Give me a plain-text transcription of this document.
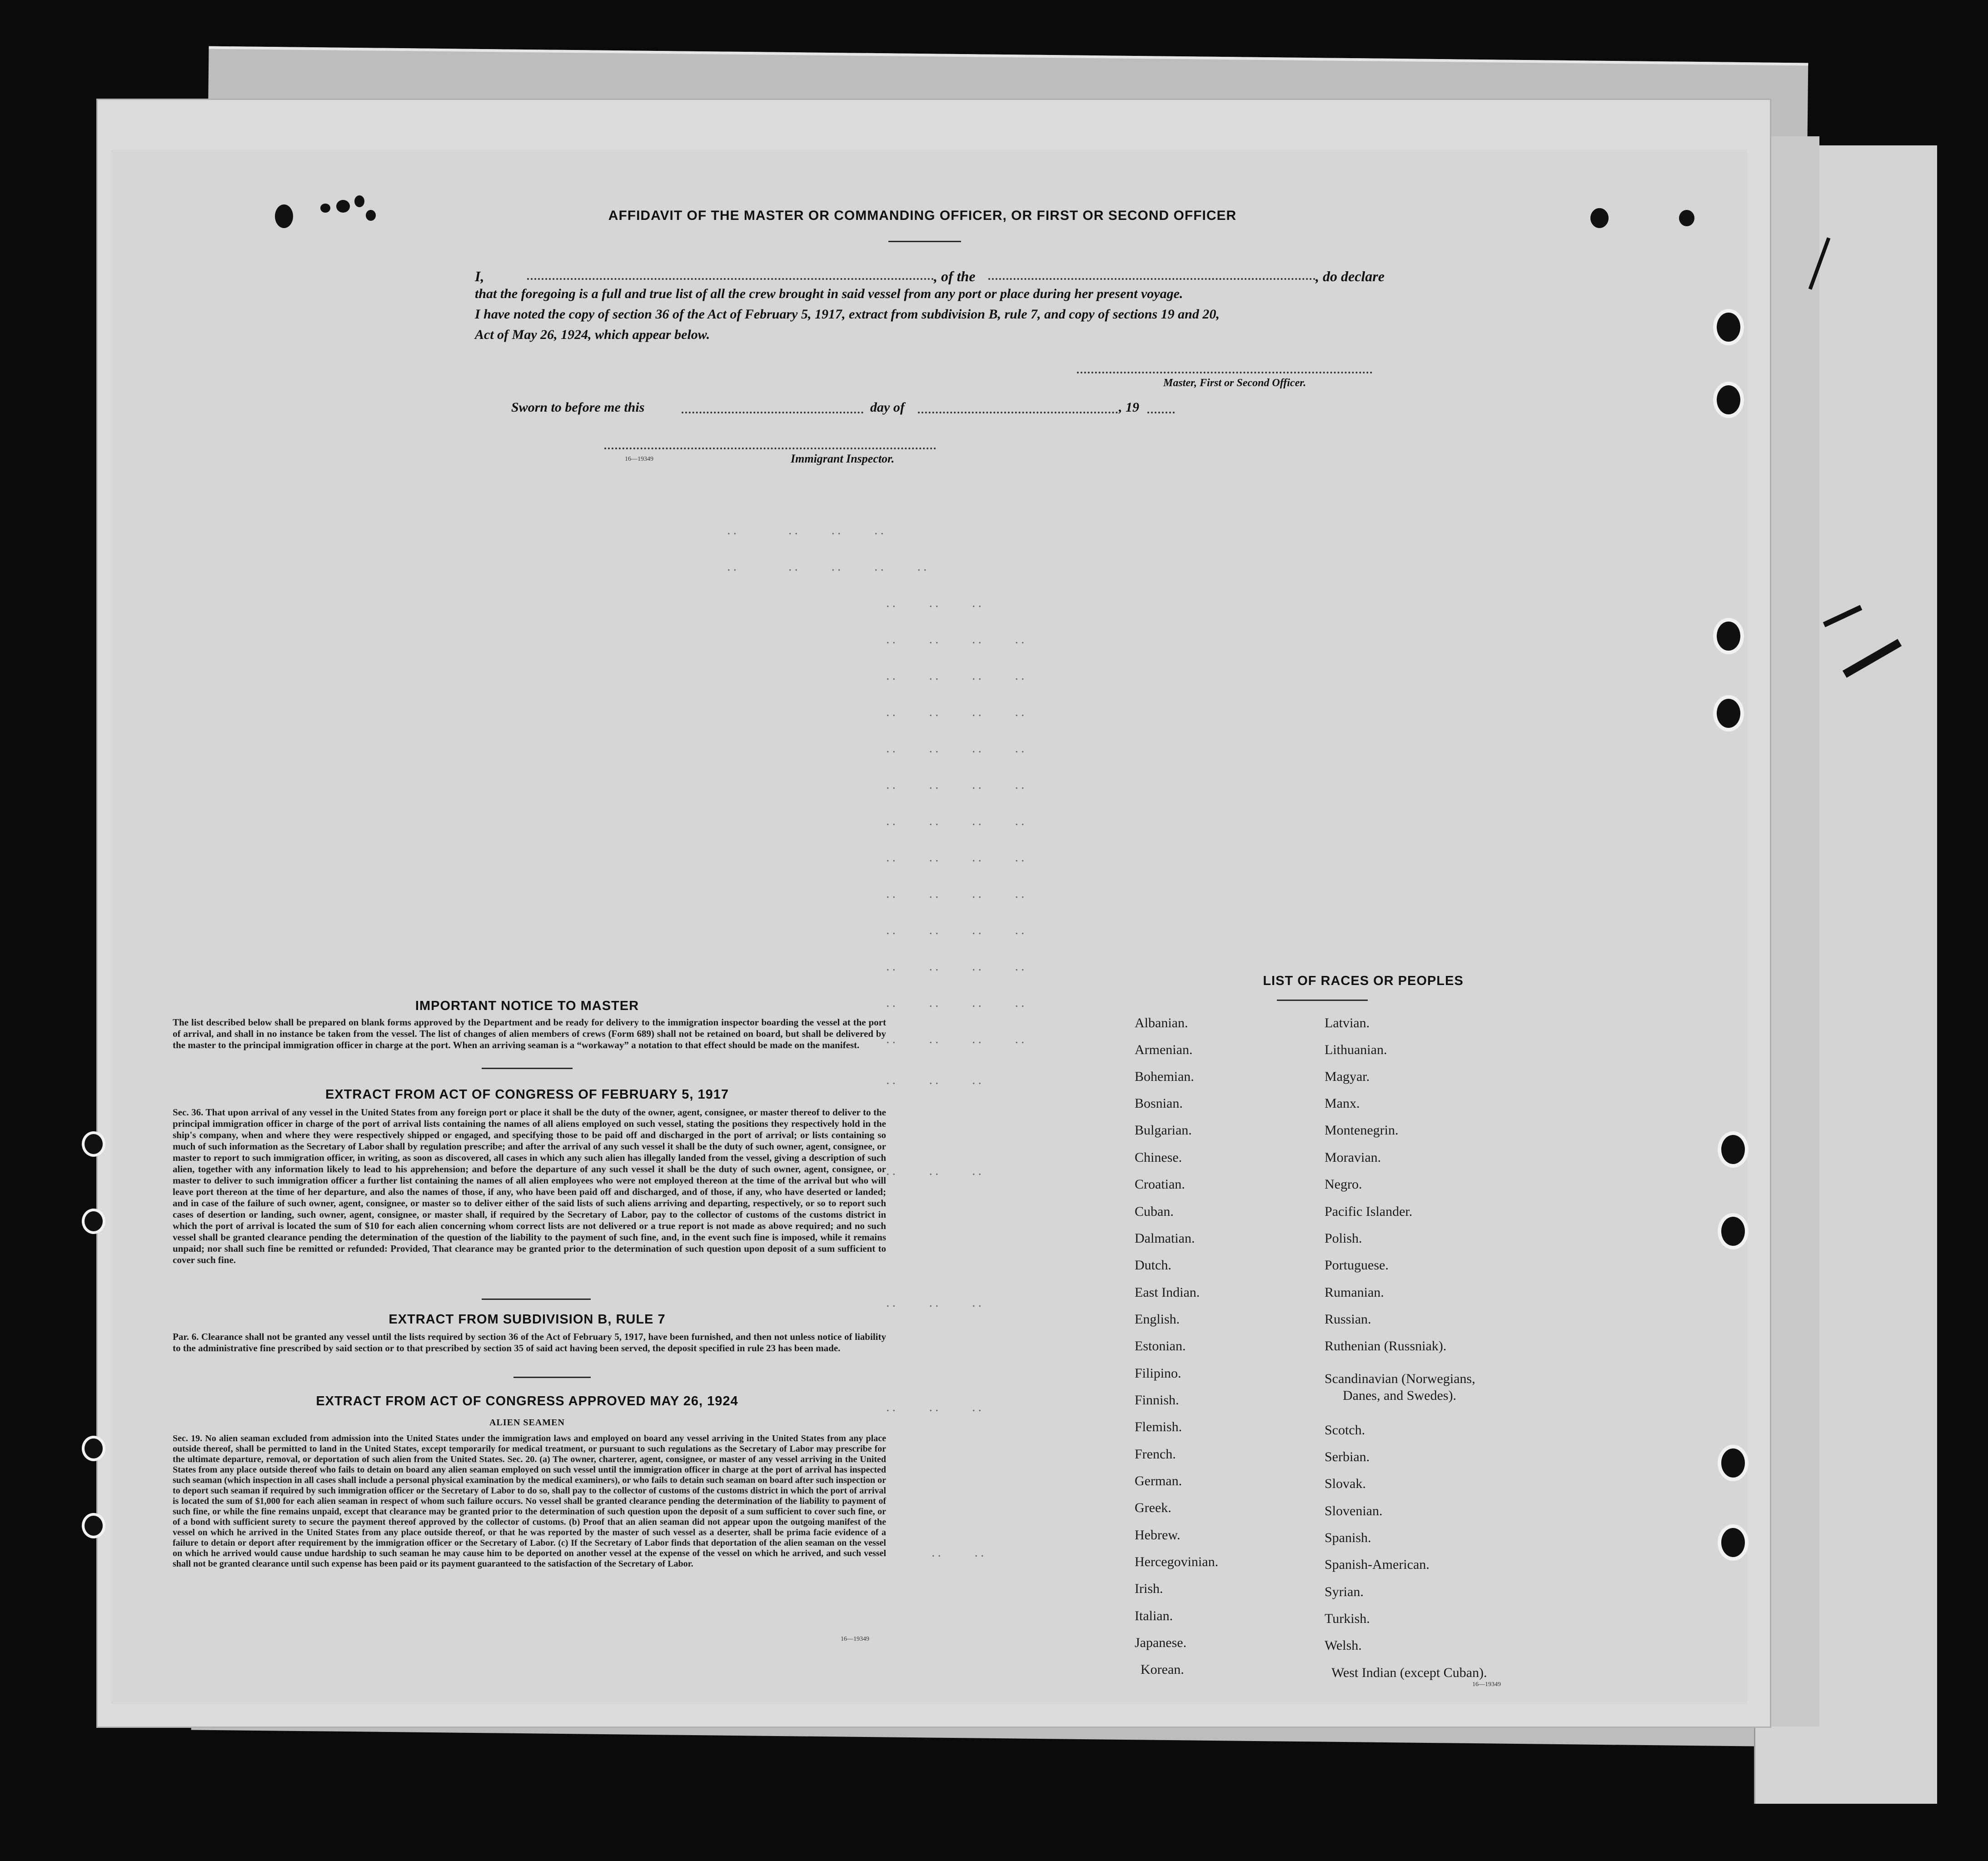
AFFIDAVIT OF THE MASTER OR COMMANDING OFFICER, OR FIRST OR SECOND OFFICER
I,	, of the	, do declare
that the foregoing is a full and true list of all the crew brought in said vessel from any port or place during her present voyage.
I have noted the copy of section 36 of the Act of February 5, 1917, extract from subdivision B, rule 7, and copy of sections 19 and 20,
Act of May 26, 1924, which appear below.
Master, First or Second Officer.
Sworn to before me this	day of	, 19
16—19349	Immigrant Inspector.
..        ..     ..     ..
..        ..     ..     ..     ..
..     ..     ..
..     ..     ..     ..
..     ..     ..     ..
..     ..     ..     ..
..     ..     ..     ..
..     ..     ..     ..
..     ..     ..     ..
..     ..     ..     ..
..     ..     ..     ..
..     ..     ..     ..
..     ..     ..     ..
..     ..     ..     ..
..     ..     ..     ..
..     ..     ..
..     ..     ..
..     ..     ..
..     ..     ..
..     ..
IMPORTANT NOTICE TO MASTER
The list described below shall be prepared on blank forms approved by the Department and be ready for delivery to the immigration inspector boarding the vessel at the port of arrival, and shall in no instance be taken from the vessel. The list of changes of alien members of crews (Form 689) shall not be retained on board, but shall be delivered by the master to the principal immigration officer in charge at the port. When an arriving seaman is a “workaway” a notation to that effect should be made on the manifest.
EXTRACT FROM ACT OF CONGRESS OF FEBRUARY 5, 1917
Sec. 36. That upon arrival of any vessel in the United States from any foreign port or place it shall be the duty of the owner, agent, consignee, or master thereof to deliver to the principal immigration officer in charge of the port of arrival lists containing the names of all aliens employed on such vessel, stating the positions they respectively hold in the ship's company, when and where they were respectively shipped or engaged, and specifying those to be paid off and discharged in the port of arrival; or lists containing so much of such information as the Secretary of Labor shall by regulation prescribe; and after the arrival of any such vessel it shall be the duty of such owner, agent, consignee, or master to report to such immigration officer, in writing, as soon as discovered, all cases in which any such alien has illegally landed from the vessel, giving a description of such alien, together with any information likely to lead to his apprehension; and before the departure of any such vessel it shall be the duty of such owner, agent, consignee, or master to deliver to such immigration officer a further list containing the names of all alien employees who were not employed thereon at the time of the arrival but who will leave port thereon at the time of her departure, and also the names of those, if any, who have been paid off and discharged, and of those, if any, who have deserted or landed; and in case of the failure of such owner, agent, consignee, or master so to deliver either of the said lists of such aliens arriving and departing, respectively, or so to report such cases of desertion or landing, such owner, agent, consignee, or master shall, if required by the Secretary of Labor, pay to the collector of customs of the customs district in which the port of arrival is located the sum of $10 for each alien concerning whom correct lists are not delivered or a true report is not made as above required; and no such vessel shall be granted clearance pending the determination of the question of the liability to the payment of such fine, and, in the event such fine is imposed, while it remains unpaid; nor shall such fine be remitted or refunded: Provided, That clearance may be granted prior to the determination of such question upon deposit of a sum sufficient to cover such fine.
EXTRACT FROM SUBDIVISION B, RULE 7
Par. 6. Clearance shall not be granted any vessel until the lists required by section 36 of the Act of February 5, 1917, have been furnished, and then not unless notice of liability to the administrative fine prescribed by said section or to that prescribed by section 35 of said act having been served, the deposit specified in rule 23 has been made.
EXTRACT FROM ACT OF CONGRESS APPROVED MAY 26, 1924
ALIEN SEAMEN
Sec. 19. No alien seaman excluded from admission into the United States under the immigration laws and employed on board any vessel arriving in the United States from any place outside thereof, shall be permitted to land in the United States, except temporarily for medical treatment, or pursuant to such regulations as the Secretary of Labor may prescribe for the ultimate departure, removal, or deportation of such alien from the United States. Sec. 20. (a) The owner, charterer, agent, consignee, or master of any vessel arriving in the United States from any place outside thereof who fails to detain on board any alien seaman employed on such vessel until the immigration officer in charge at the port of arrival has inspected such seaman (which inspection in all cases shall include a personal physical examination by the medical examiners), or who fails to detain such seaman on board after such inspection or to deport such seaman if required by such immigration officer or the Secretary of Labor to do so, shall pay to the collector of customs of the customs district in which the port of arrival is located the sum of $1,000 for each alien seaman in respect of whom such failure occurs. No vessel shall be granted clearance pending the determination of the liability to payment of such fine, or while the fine remains unpaid, except that clearance may be granted prior to the determination of such question upon the deposit of a sum sufficient to cover such fine, or of a bond with sufficient surety to secure the payment thereof approved by the collector of customs. (b) Proof that an alien seaman did not appear upon the outgoing manifest of the vessel on which he arrived in the United States from any place outside thereof, or that he was reported by the master of such vessel as a deserter, shall be prima facie evidence of a failure to detain or deport after requirement by the immigration officer or the Secretary of Labor. (c) If the Secretary of Labor finds that deportation of the alien seaman on the vessel on which he arrived would cause undue hardship to such seaman he may cause him to be deported on another vessel at the expense of the vessel on which he arrived, and such vessel shall not be granted clearance until such expense has been paid or its payment guaranteed to the satisfaction of the Secretary of Labor.
16—19349
LIST OF RACES OR PEOPLES
Albanian.
Armenian.
Bohemian.
Bosnian.
Bulgarian.
Chinese.
Croatian.
Cuban.
Dalmatian.
Dutch.
East Indian.
English.
Estonian.
Filipino.
Finnish.
Flemish.
French.
German.
Greek.
Hebrew.
Hercegovinian.
Irish.
Italian.
Japanese.
Korean.
Latvian.
Lithuanian.
Magyar.
Manx.
Montenegrin.
Moravian.
Negro.
Pacific Islander.
Polish.
Portuguese.
Rumanian.
Russian.
Ruthenian (Russniak).
Scandinavian (Norwegians,
Danes, and Swedes).
Scotch.
Serbian.
Slovak.
Slovenian.
Spanish.
Spanish-American.
Syrian.
Turkish.
Welsh.
West Indian (except Cuban).
16—19349
